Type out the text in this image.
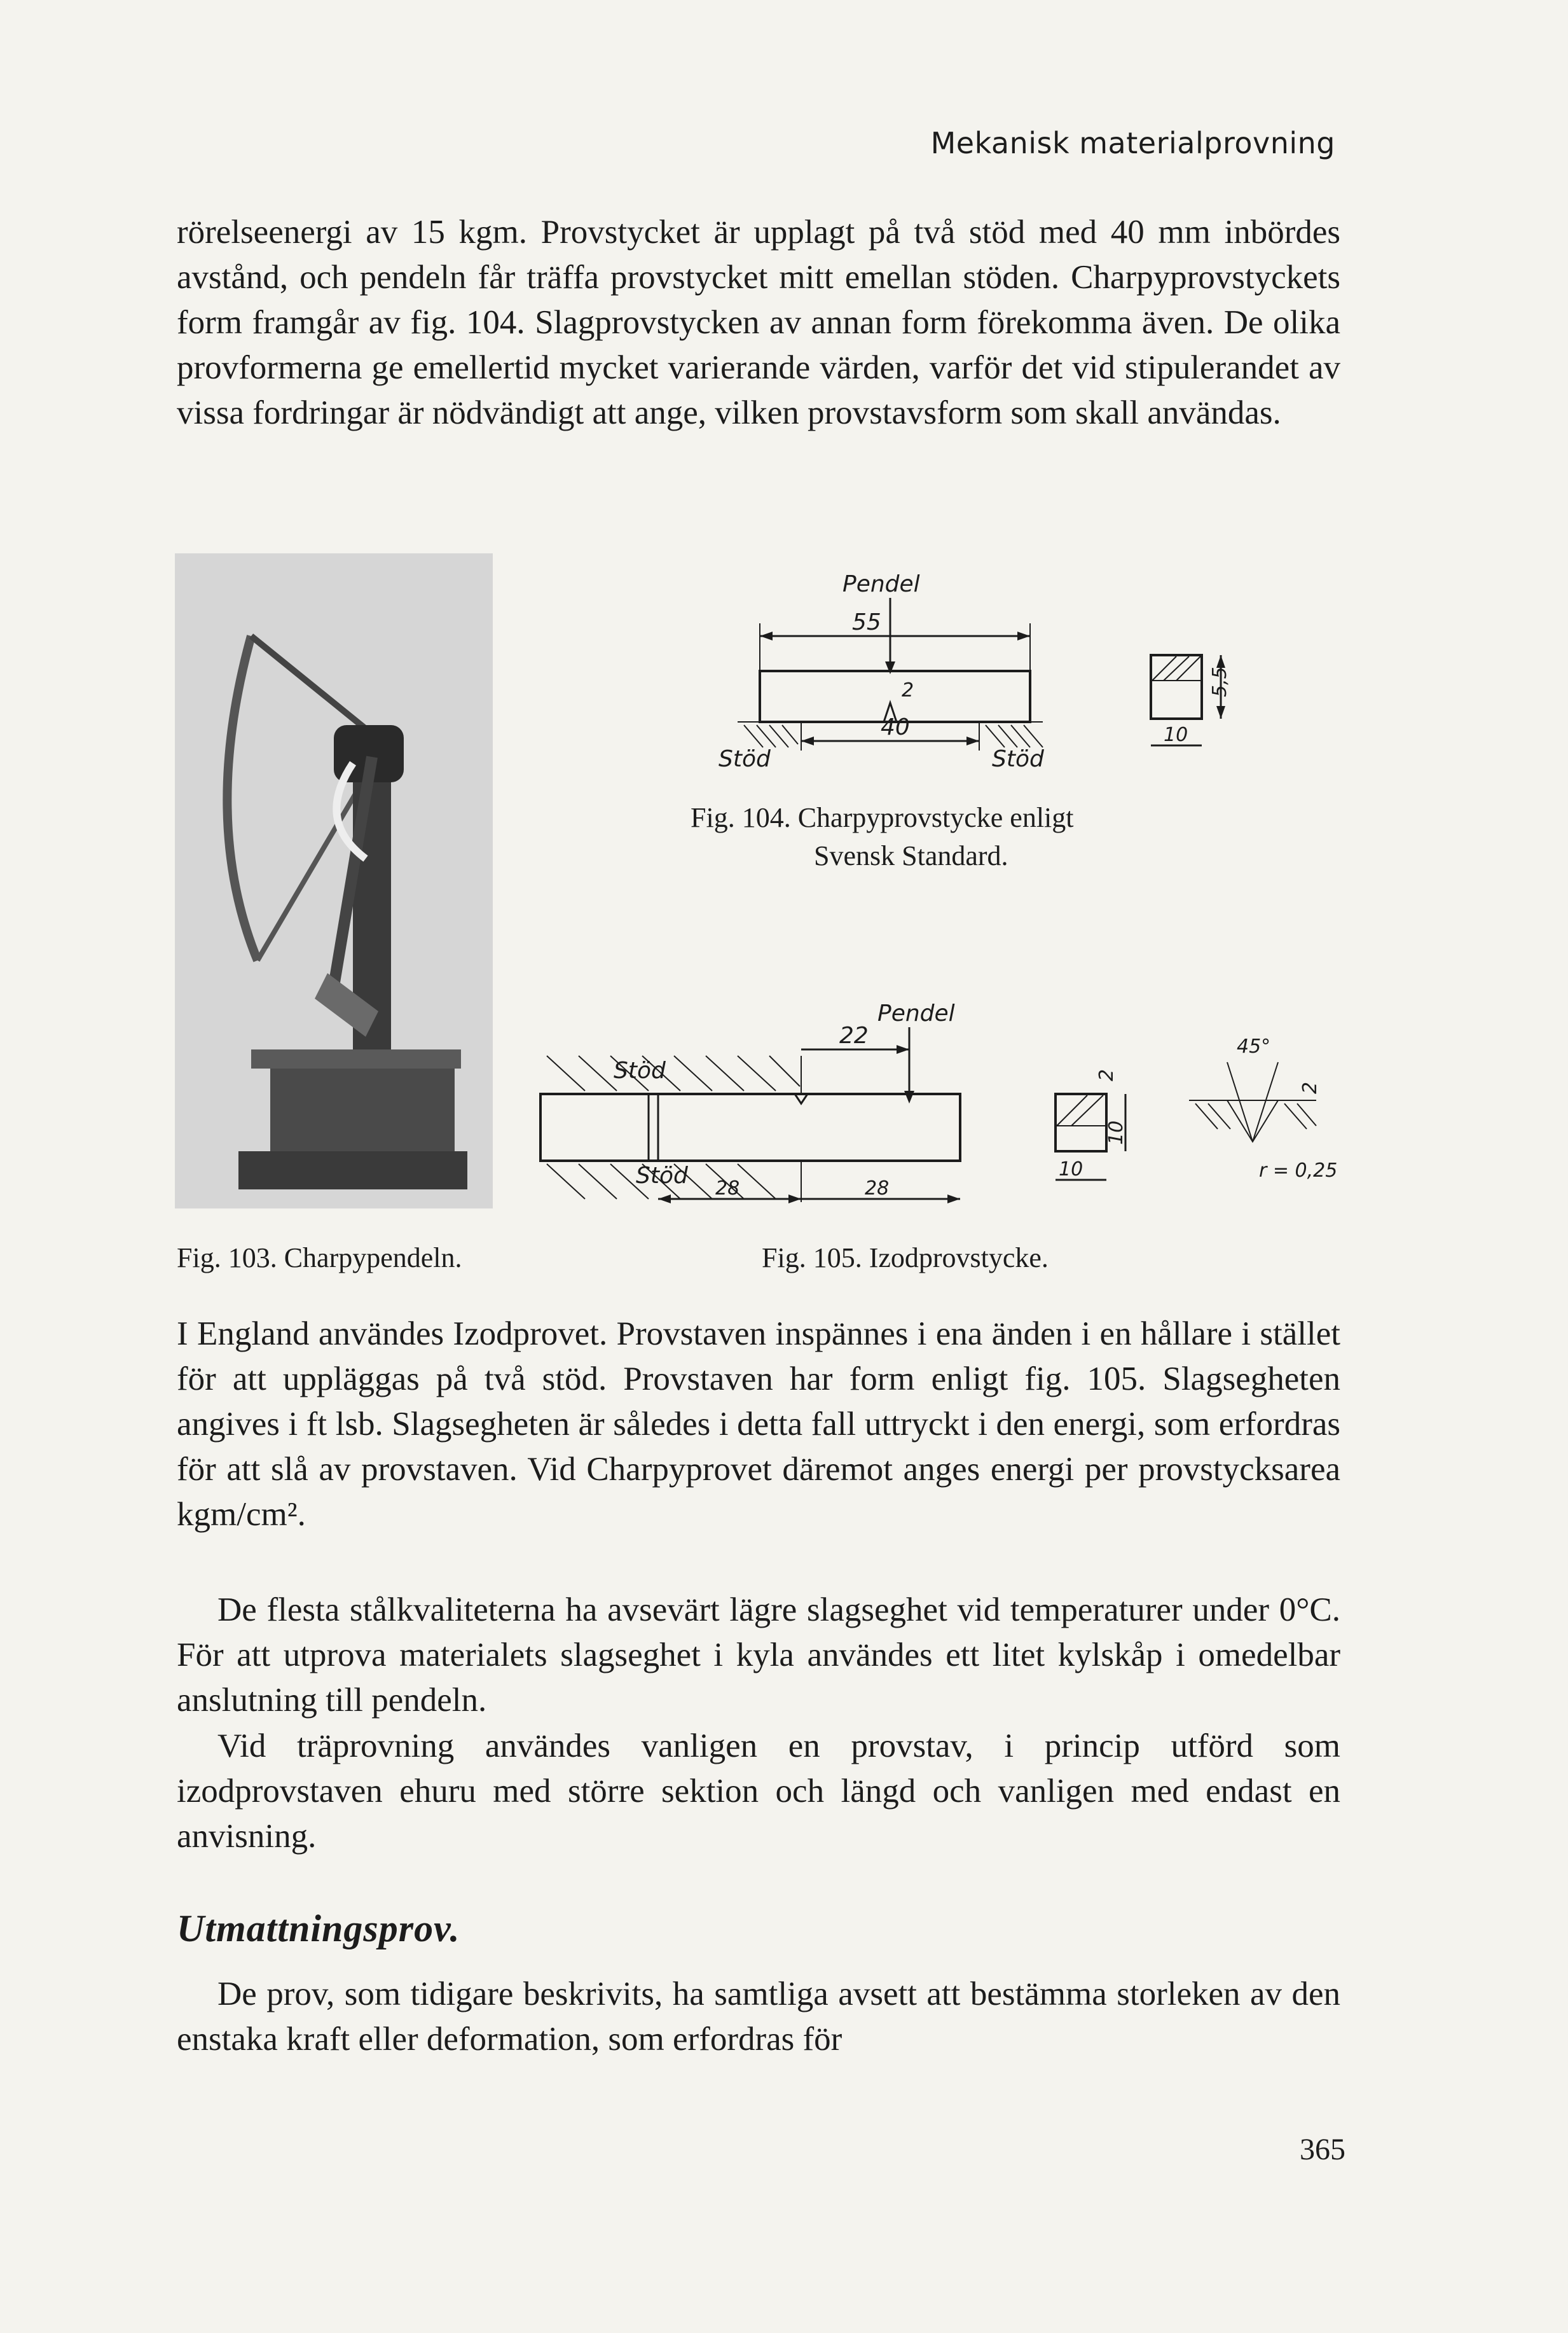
Mekanisk materialprovning

rörelseenergi av 15 kgm. Provstycket är upplagt på två stöd med 40 mm inbördes avstånd, och pendeln får träffa provstycket mitt emellan stöden. Charpyprovstyckets form framgår av fig. 104. Slagprovstycken av annan form förekomma även. De olika provformerna ge emellertid mycket varierande värden, varför det vid stipulerandet av vissa fordringar är nödvändigt att ange, vilken provstavsform som skall användas.

Pendel
55
2
40
Stöd	Stöd
5,5
10

Fig. 104. Charpyprovstycke enligt

Svensk Standard.

Pendel
22
Stöd
Stöd 28	28
2
10
10
45°
2
r = 0,25

Fig. 103. Charpypendeln.	Fig. 105. Izodprovstycke.

I England användes Izodprovet. Provstaven inspännes i ena änden i en hållare i stället för att uppläggas på två stöd. Provstaven har form enligt fig. 105. Slagsegheten angives i ft lsb. Slagsegheten är således i detta fall uttryckt i den energi, som erfordras för att slå av provstaven. Vid Charpyprovet däremot anges energi per provstycksarea kgm/cm².

De flesta stålkvaliteterna ha avsevärt lägre slagseghet vid temperaturer under 0°C. För att utprova materialets slagseghet i kyla användes ett litet kylskåp i omedelbar anslutning till pendeln.

Vid träprovning användes vanligen en provstav, i princip utförd som izodprovstaven ehuru med större sektion och längd och vanligen med endast en anvisning.

Utmattningsprov.

De prov, som tidigare beskrivits, ha samtliga avsett att bestämma storleken av den enstaka kraft eller deformation, som erfordras för

365
